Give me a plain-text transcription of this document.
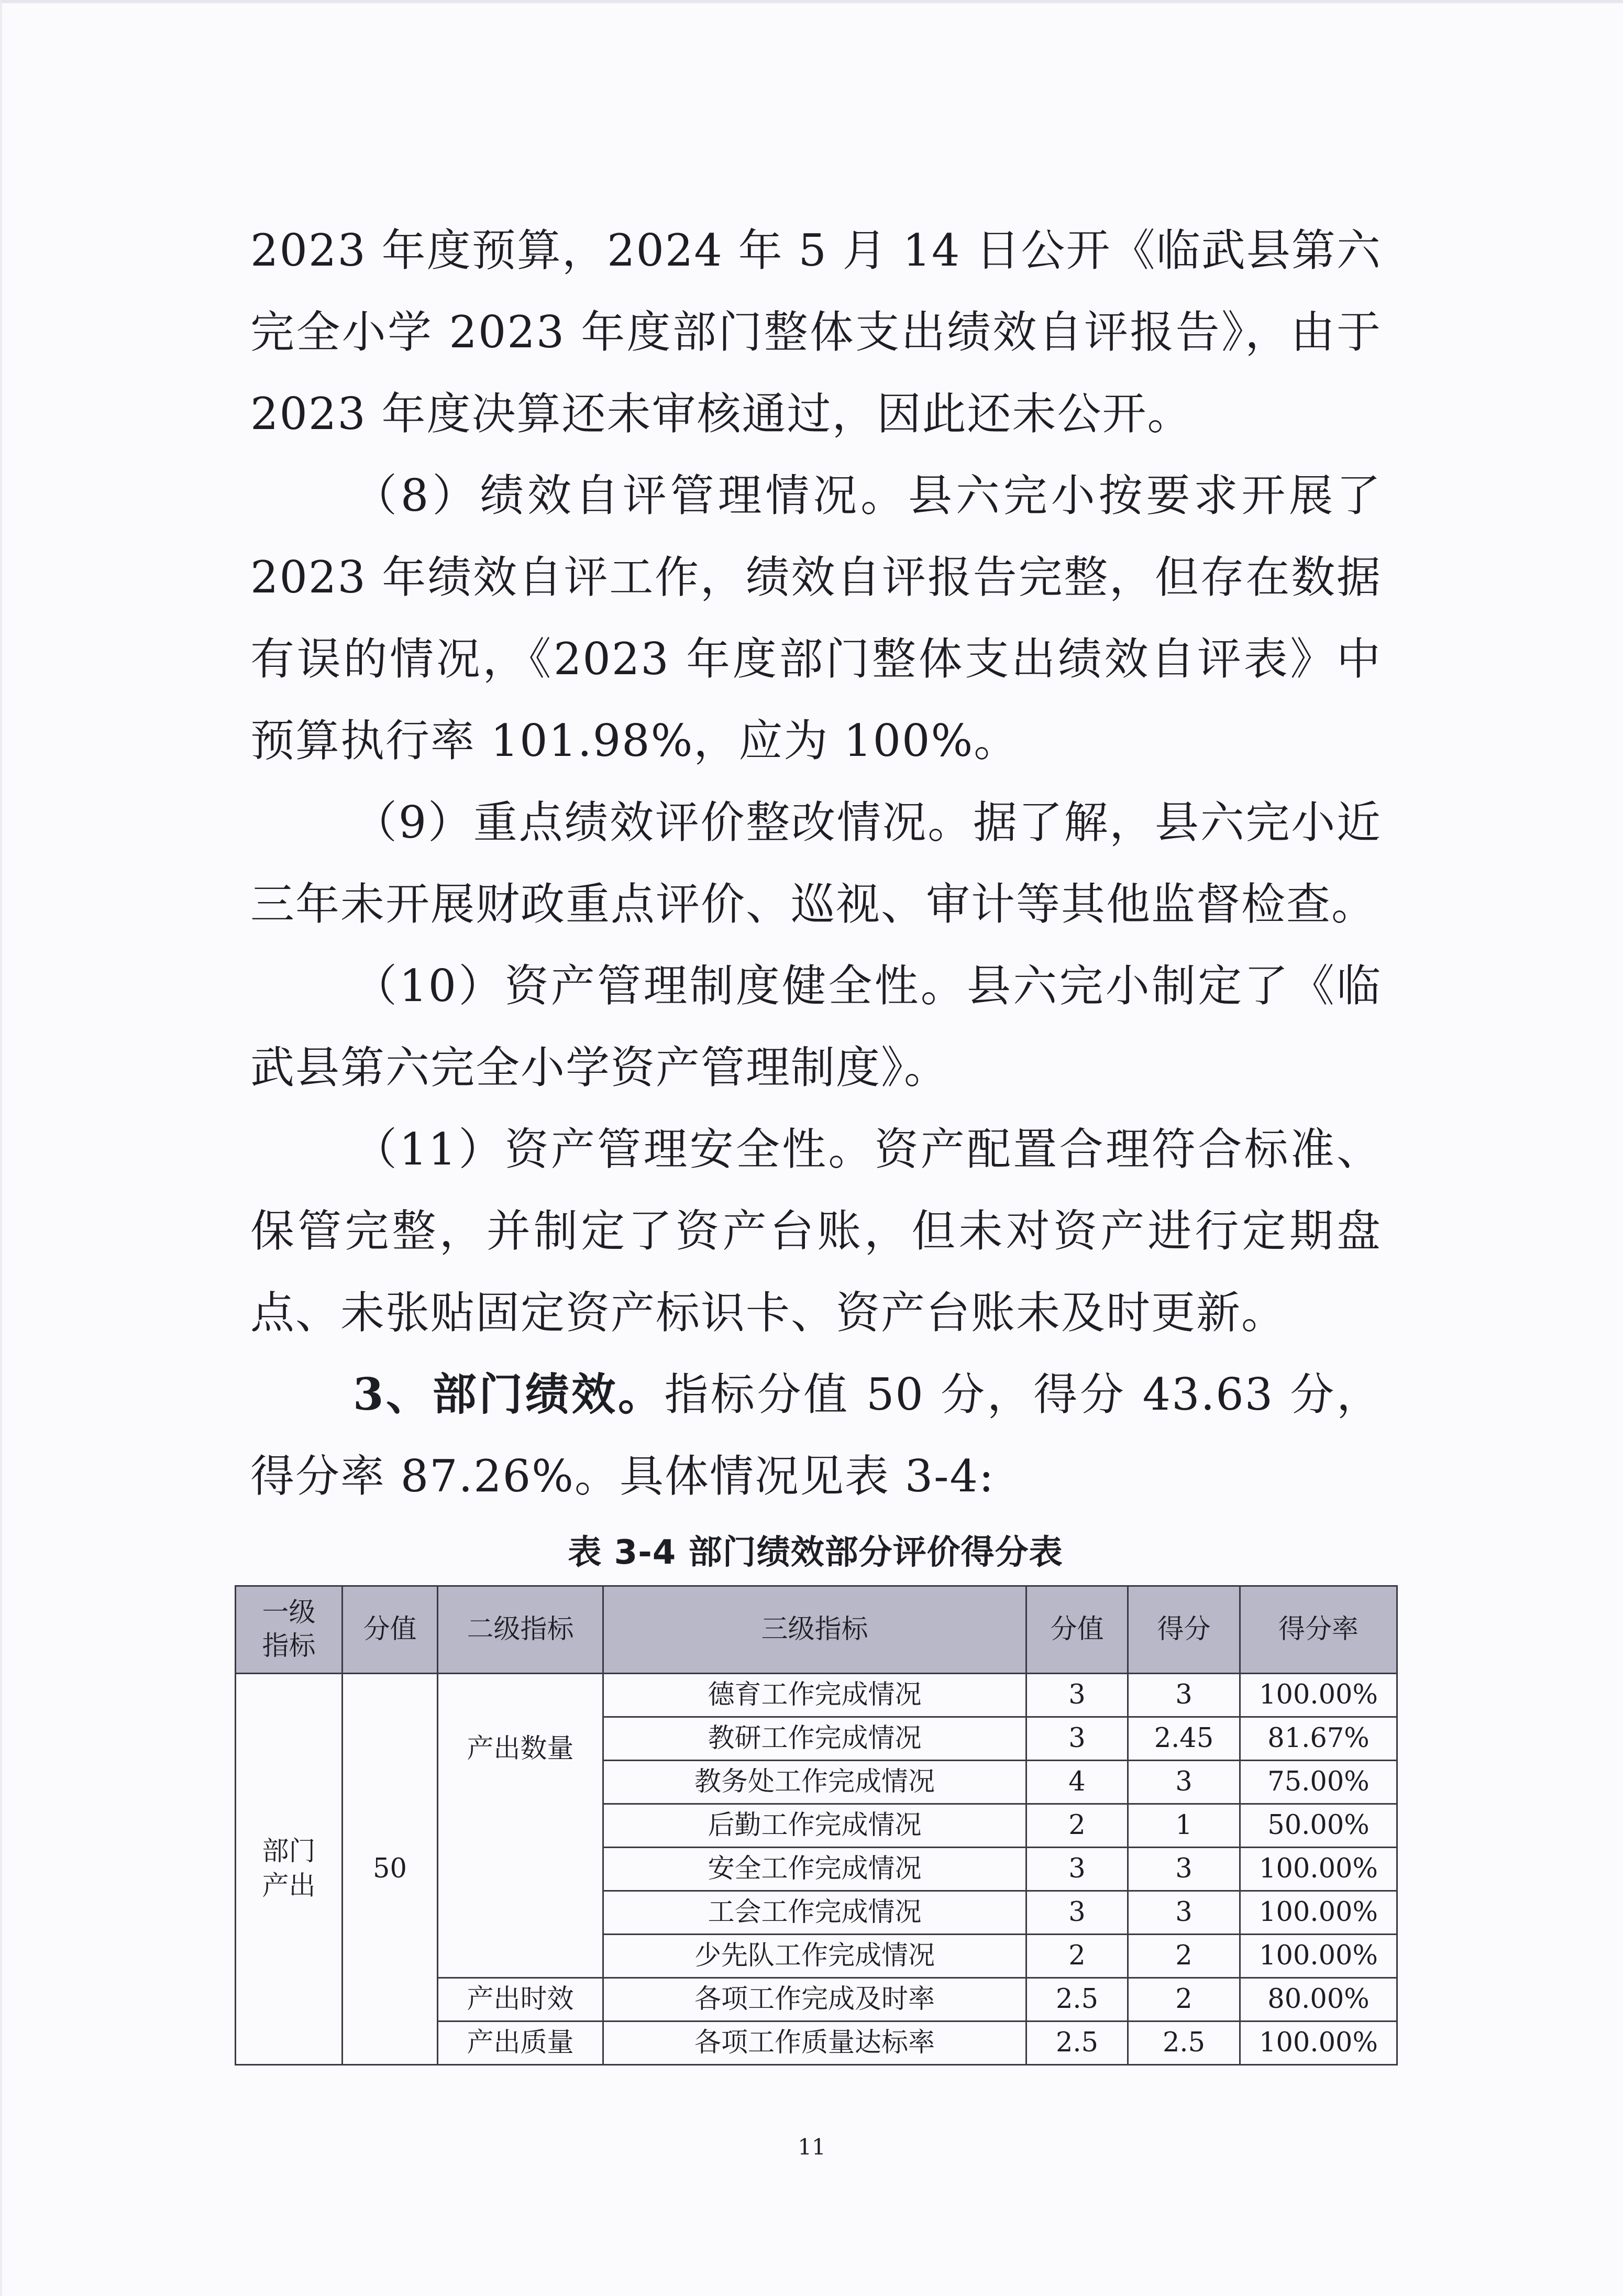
2023 年度预算，2024 年 5 月 14 日公开《临武县第六完全小学 2023 年度部门整体支出绩效自评报告》，由于 2023 年度决算还未审核通过，因此还未公开。

（8）绩效自评管理情况。县六完小按要求开展了 2023 年绩效自评工作，绩效自评报告完整，但存在数据有误的情况，《2023 年度部门整体支出绩效自评表》中预算执行率 101.98%，应为 100%。

（9）重点绩效评价整改情况。据了解，县六完小近三年未开展财政重点评价、巡视、审计等其他监督检查。

（10）资产管理制度健全性。县六完小制定了《临武县第六完全小学资产管理制度》。

（11）资产管理安全性。资产配置合理符合标准、保管完整，并制定了资产台账，但未对资产进行定期盘点、未张贴固定资产标识卡、资产台账未及时更新。

3、部门绩效。指标分值 50 分，得分 43.63 分，得分率 87.26%。具体情况见表 3-4:

表 3-4 部门绩效部分评价得分表
一级指标	分值	二级指标	三级指标	分值	得分	得分率
部门产出	50	产出数量	德育工作完成情况	3	3	100.00%
			教研工作完成情况	3	2.45	81.67%
			教务处工作完成情况	4	3	75.00%
			后勤工作完成情况	2	1	50.00%
			安全工作完成情况	3	3	100.00%
			工会工作完成情况	3	3	100.00%
			少先队工作完成情况	2	2	100.00%
		产出时效	各项工作完成及时率	2.5	2	80.00%
		产出质量	各项工作质量达标率	2.5	2.5	100.00%
11
